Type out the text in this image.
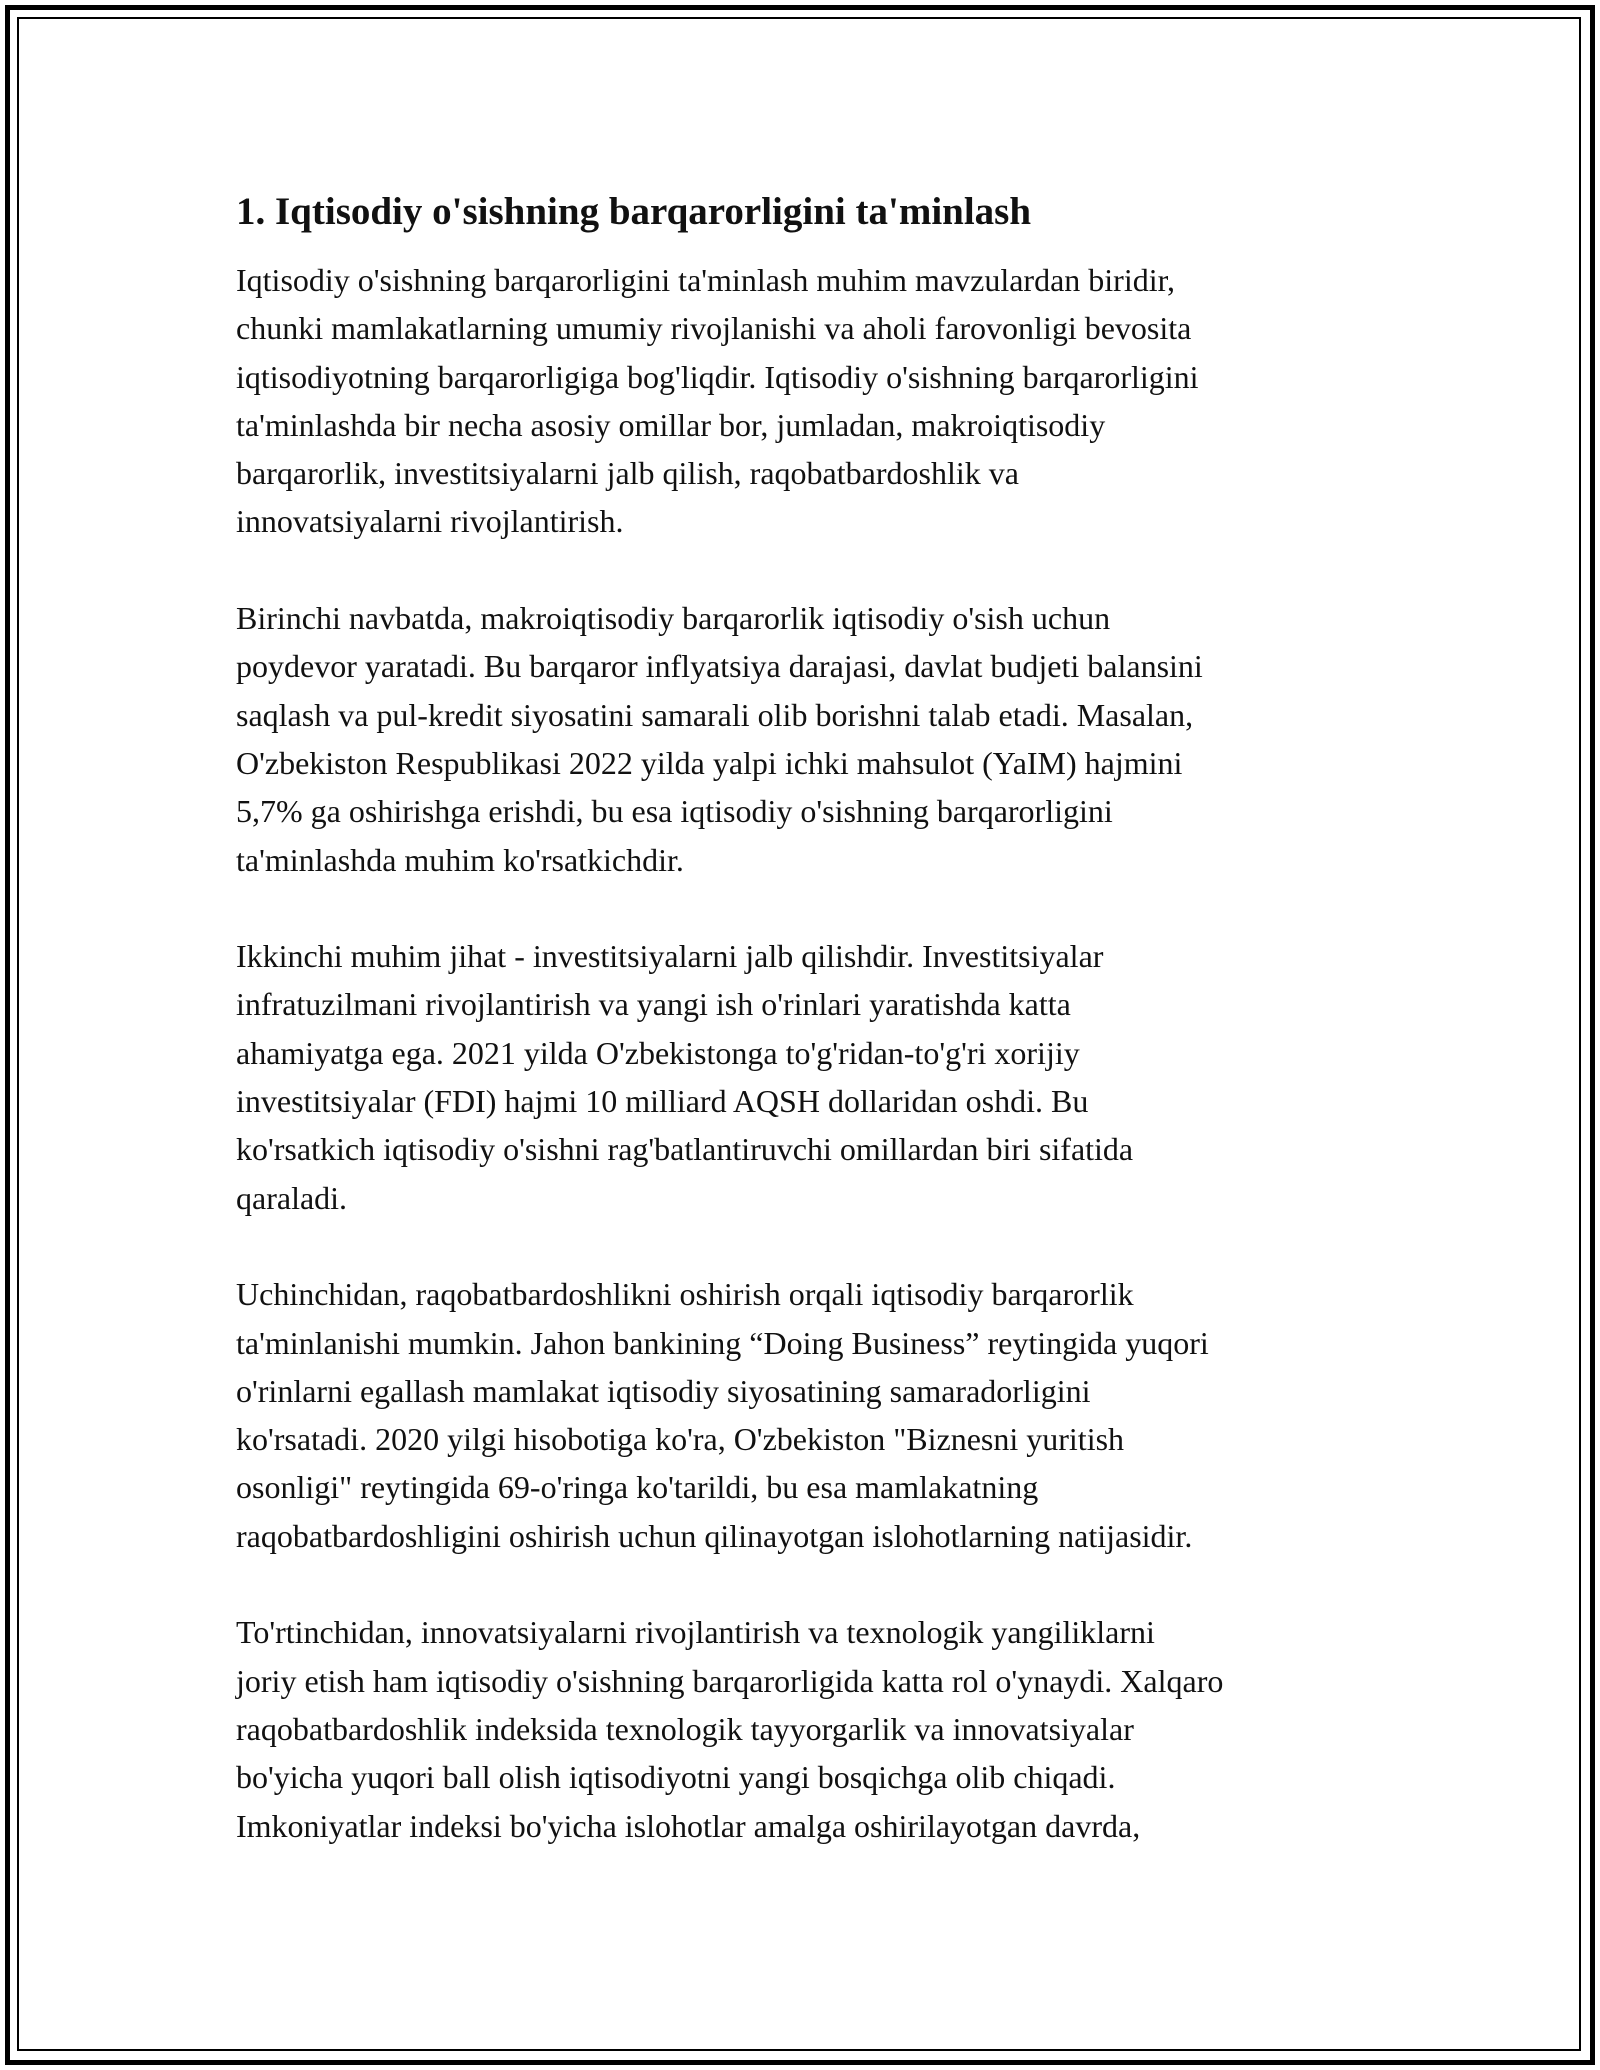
1. Iqtisodiy o'sishning barqarorligini ta'minlash

Iqtisodiy o'sishning barqarorligini ta'minlash muhim mavzulardan biridir,
chunki mamlakatlarning umumiy rivojlanishi va aholi farovonligi bevosita
iqtisodiyotning barqarorligiga bog'liqdir. Iqtisodiy o'sishning barqarorligini
ta'minlashda bir necha asosiy omillar bor, jumladan, makroiqtisodiy
barqarorlik, investitsiyalarni jalb qilish, raqobatbardoshlik va
innovatsiyalarni rivojlantirish.

Birinchi navbatda, makroiqtisodiy barqarorlik iqtisodiy o'sish uchun
poydevor yaratadi. Bu barqaror inflyatsiya darajasi, davlat budjeti balansini
saqlash va pul-kredit siyosatini samarali olib borishni talab etadi. Masalan,
O'zbekiston Respublikasi 2022 yilda yalpi ichki mahsulot (YaIM) hajmini
5,7% ga oshirishga erishdi, bu esa iqtisodiy o'sishning barqarorligini
ta'minlashda muhim ko'rsatkichdir.

Ikkinchi muhim jihat - investitsiyalarni jalb qilishdir. Investitsiyalar
infratuzilmani rivojlantirish va yangi ish o'rinlari yaratishda katta
ahamiyatga ega. 2021 yilda O'zbekistonga to'g'ridan-to'g'ri xorijiy
investitsiyalar (FDI) hajmi 10 milliard AQSH dollaridan oshdi. Bu
ko'rsatkich iqtisodiy o'sishni rag'batlantiruvchi omillardan biri sifatida
qaraladi.

Uchinchidan, raqobatbardoshlikni oshirish orqali iqtisodiy barqarorlik
ta'minlanishi mumkin. Jahon bankining “Doing Business” reytingida yuqori
o'rinlarni egallash mamlakat iqtisodiy siyosatining samaradorligini
ko'rsatadi. 2020 yilgi hisobotiga ko'ra, O'zbekiston "Biznesni yuritish
osonligi" reytingida 69-o'ringa ko'tarildi, bu esa mamlakatning
raqobatbardoshligini oshirish uchun qilinayotgan islohotlarning natijasidir.

To'rtinchidan, innovatsiyalarni rivojlantirish va texnologik yangiliklarni
joriy etish ham iqtisodiy o'sishning barqarorligida katta rol o'ynaydi. Xalqaro
raqobatbardoshlik indeksida texnologik tayyorgarlik va innovatsiyalar
bo'yicha yuqori ball olish iqtisodiyotni yangi bosqichga olib chiqadi.
Imkoniyatlar indeksi bo'yicha islohotlar amalga oshirilayotgan davrda,
